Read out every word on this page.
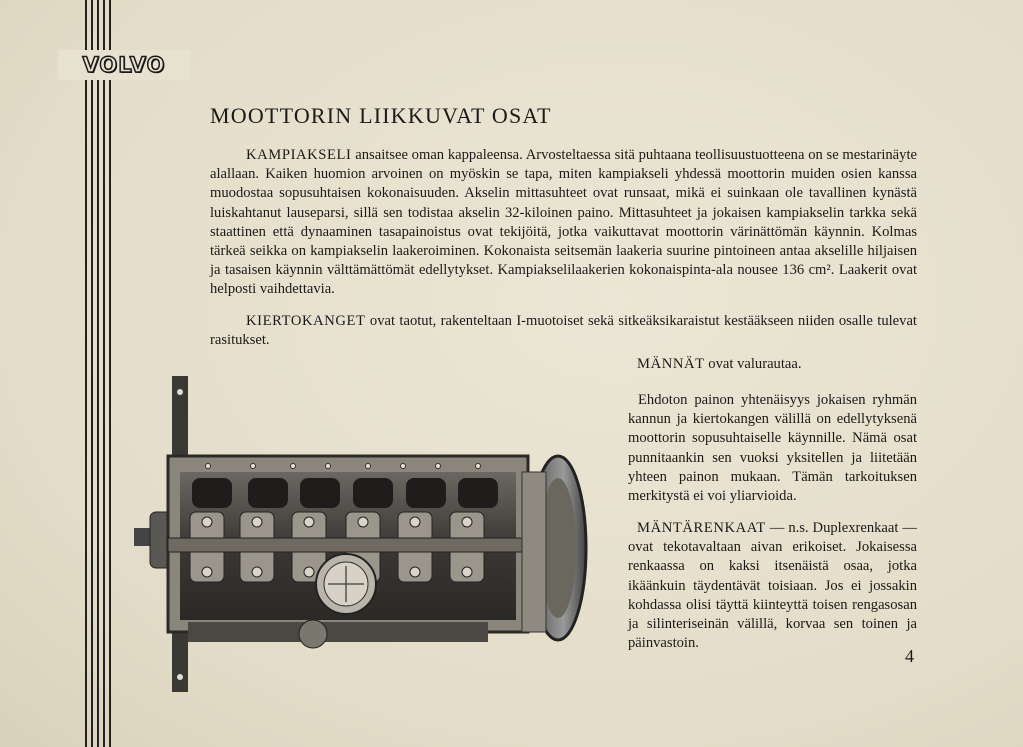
VOLVO
MOOTTORIN LIIKKUVAT OSAT

KAMPIAKSELI ansaitsee oman kappaleensa. Arvosteltaessa sitä puhtaana teollisuustuotteena on se mestarinäyte alallaan. Kaiken huomion arvoinen on myöskin se tapa, miten kampiakseli yhdessä moottorin muiden osien kanssa muodostaa sopusuhtaisen kokonaisuuden. Akselin mittasuhteet ovat runsaat, mikä ei suinkaan ole tavallinen kynästä luiskahtanut lauseparsi, sillä sen todistaa akselin 32-kiloinen paino. Mittasuhteet ja jokaisen kampiakselin tarkka sekä staattinen että dynaaminen tasapainoistus ovat tekijöitä, jotka vaikuttavat moottorin värinättömän käynnin. Kolmas tärkeä seikka on kampiakselin laakeroiminen. Kokonaista seitsemän laakeria suurine pintoineen antaa akselille hiljaisen ja tasaisen käynnin välttämättömät edellytykset. Kampiakselilaakerien kokonaispinta-ala nousee 136 cm². Laakerit ovat helposti vaihdettavia.

KIERTOKANGET ovat taotut, rakenteltaan I-muotoiset sekä sitkeäksikaraistut kestääkseen niiden osalle tulevat rasitukset.

MÄNNÄT ovat valurautaa.

Ehdoton painon yhtenäisyys jokaisen ryhmän kannun ja kiertokangen välillä on edellytyksenä moottorin sopusuhtaiselle käynnille. Nämä osat punnitaankin sen vuoksi yksitellen ja liitetään yhteen painon mukaan. Tämän tarkoituksen merkitystä ei voi yliarvioida.

MÄNTÄRENKAAT — n.s. Duplexrenkaat — ovat tekotavaltaan aivan erikoiset. Jokaisessa renkaassa on kaksi itsenäistä osaa, jotka ikäänkuin täydentävät toisiaan. Jos ei jossakin kohdassa olisi täyttä kiinteyttä toisen rengasosan ja silinteriseinän välillä, korvaa sen toinen ja päinvastoin.

4
